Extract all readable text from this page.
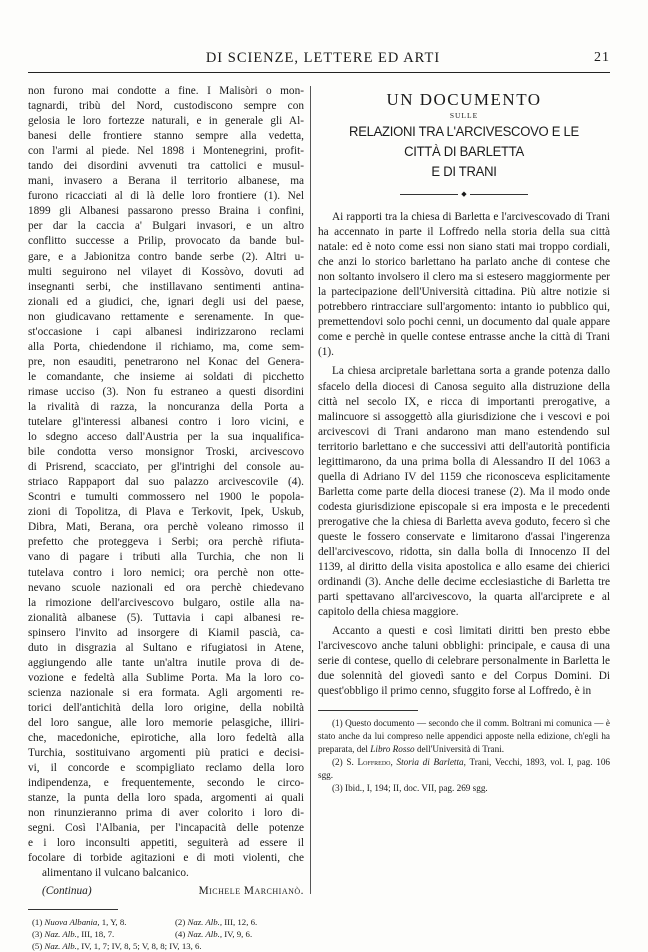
DI SCIENZE, LETTERE ED ARTI	21
non furono mai condotte a fine. I Malisòri o mon-
tagnardi, tribù del Nord, custodiscono sempre con
gelosia le loro fortezze naturali, e in generale gli Al-
banesi delle frontiere stanno sempre alla vedetta,
con l'armi al piede. Nel 1898 i Montenegrini, profit-
tando dei disordini avvenuti tra cattolici e musul-
mani, invasero a Berana il territorio albanese, ma
furono ricacciati al di là delle loro frontiere (1). Nel
1899 gli Albanesi passarono presso Braina i confini,
per dar la caccia a' Bulgari invasori, e un altro
conflitto successe a Prilip, provocato da bande bul-
gare, e a Jabionitza contro bande serbe (2). Altri u-
multi seguirono nel vilayet di Kossòvo, dovuti ad
insegnanti serbi, che instillavano sentimenti antina-
zionali ed a giudici, che, ignari degli usi del paese,
non giudicavano rettamente e serenamente. In que-
st'occasione i capi albanesi indirizzarono reclami
alla Porta, chiedendone il richiamo, ma, come sem-
pre, non esauditi, penetrarono nel Konac del Genera-
le comandante, che insieme ai soldati di picchetto
rimase ucciso (3). Non fu estraneo a questi disordini
la rivalità di razza, la noncuranza della Porta a
tutelare gl'interessi albanesi contro i loro vicini, e
lo sdegno acceso dall'Austria per la sua inqualifica-
bile condotta verso monsignor Troski, arcivescovo
di Prisrend, scacciato, per gl'intrighi del console au-
striaco Rappaport dal suo palazzo arcivescovile (4).
Scontri e tumulti commossero nel 1900 le popola-
zioni di Topolitza, di Plava e Terkovit, Ipek, Uskub,
Dibra, Mati, Berana, ora perchè voleano rimosso il
prefetto che proteggeva i Serbi; ora perchè rifiuta-
vano di pagare i tributi alla Turchia, che non li
tutelava contro i loro nemici; ora perchè non otte-
nevano scuole nazionali ed ora perchè chiedevano
la rimozione dell'arcivescovo bulgaro, ostile alla na-
zionalità albanese (5). Tuttavia i capi albanesi re-
spinsero l'invito ad insorgere di Kiamil pascià, ca-
duto in disgrazia al Sultano e rifugiatosi in Atene,
aggiungendo alle tante un'altra inutile prova di de-
vozione e fedeltà alla Sublime Porta. Ma la loro co-
scienza nazionale si era formata. Agli argomenti re-
torici dell'antichità della loro origine, della nobiltà
del loro sangue, alle loro memorie pelasgiche, illiri-
che, macedoniche, epirotiche, alla loro fedeltà alla
Turchia, sostituivano argomenti più pratici e decisi-
vi, il concorde e scompigliato reclamo della loro
indipendenza, e frequentemente, secondo le circo-
stanze, la punta della loro spada, argomenti ai quali
non rinunzieranno prima di aver colorito i loro di-
segni. Così l'Albania, per l'incapacità delle potenze
e i loro inconsulti appetiti, seguiterà ad essere il
focolare di torbide agitazioni e di moti violenti, che
alimentano il vulcano balcanico.
(Continua)	Michele Marchianò.
(1) Nuova Albania, 1, Y, 8.	(2) Naz. Alb., III, 12, 6.
(3) Naz. Alb., III, 18, 7.	(4) Naz. Alb., IV, 9, 6.
(5) Naz. Alb., IV, 1, 7; IV, 8, 5; V, 8, 8; IV, 13, 6.
UN DOCUMENTO
SULLE
RELAZIONI TRA L'ARCIVESCOVO E LE CITTÀ DI BARLETTA
E DI TRANI
◆

Ai rapporti tra la chiesa di Barletta e l'arcivescovado di Trani ha accennato in parte il Loffredo nella storia della sua città natale: ed è noto come essi non siano stati mai troppo cordiali, che anzi lo storico barlettano ha parlato anche di contese che non soltanto involsero il clero ma si estesero maggiormente per la partecipazione dell'Università cittadina. Più altre notizie si potrebbero rintracciare sull'argomento: intanto io pubblico qui, premettendovi solo pochi cenni, un documento dal quale appare come e perchè in quelle contese entrasse anche la città di Trani (1).

La chiesa arcipretale barlettana sorta a grande potenza dallo sfacelo della diocesi di Canosa seguito alla distruzione della città nel secolo IX, e ricca di importanti prerogative, a malincuore si assoggettò alla giurisdizione che i vescovi e poi arcivescovi di Trani andarono man mano estendendo sul territorio barlettano e che successivi atti dell'autorità pontificia legittimarono, da una prima bolla di Alessandro II del 1063 a quella di Adriano IV del 1159 che riconosceva esplicitamente Barletta come parte della diocesi tranese (2). Ma il modo onde codesta giurisdizione episcopale si era imposta e le precedenti prerogative che la chiesa di Barletta aveva goduto, fecero sì che queste le fossero conservate e limitarono d'assai l'ingerenza dell'arcivescovo, ridotta, sin dalla bolla di Innocenzo II del 1139, al diritto della visita apostolica e allo esame dei chierici ordinandi (3). Anche delle decime ecclesiastiche di Barletta tre parti spettavano all'arcivescovo, la quarta all'arciprete e al capitolo della chiesa maggiore.

Accanto a questi e così limitati diritti ben presto ebbe l'arcivescovo anche taluni obblighi: principale, e causa di una serie di contese, quello di celebrare personalmente in Barletta le due solennità del giovedì santo e del Corpus Domini. Di quest'obbligo il primo cenno, sfuggito forse al Loffredo, è in

(1) Questo documento — secondo che il comm. Boltrani mi comunica — è stato anche da lui compreso nelle appendici apposte nella edizione, ch'egli ha preparata, del Libro Rosso dell'Università di Trani.

(2) S. Loffredo, Storia di Barletta, Trani, Vecchi, 1893, vol. I, pag. 106 sgg.

(3) Ibid., I, 194; II, doc. VII, pag. 269 sgg.
